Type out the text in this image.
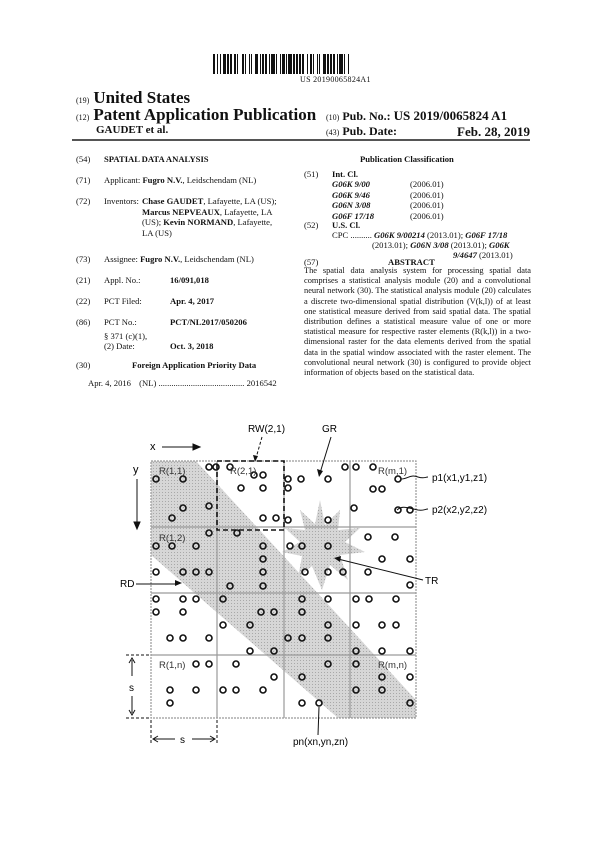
US 20190065824A1
(19) United States
(12) Patent Application Publication
GAUDET et al.
(10) Pub. No.: US 2019/0065824 A1
(43) Pub. Date:	Feb. 28, 2019
(54) SPATIAL DATA ANALYSIS
(71) Applicant: Fugro N.V., Leidschendam (NL)
(72) Inventors: Chase GAUDET, Lafayette, LA (US);
Marcus NEPVEAUX, Lafayette, LA
(US); Kevin NORMAND, Lafayette,
LA (US)
(73) Assignee: Fugro N.V., Leidschendam (NL)
(21) Appl. No.:	16/091,018
(22) PCT Filed:	Apr. 4, 2017
(86) PCT No.:	PCT/NL2017/050206
§ 371 (c)(1),
(2) Date:	Oct. 3, 2018
(30)	Foreign Application Priority Data
Apr. 4, 2016 (NL) ........................................ 2016542
Publication Classification
(51) Int. Cl.
G06K 9/00	(2006.01)
G06K 9/46	(2006.01)
G06N 3/08	(2006.01)
G06F 17/18	(2006.01)
(52) U.S. Cl.
CPC .......... G06K 9/00214 (2013.01); G06F 17/18
(2013.01); G06N 3/08 (2013.01); G06K
9/4647 (2013.01)
(57)	ABSTRACT
The spatial data analysis system for processing spatial data comprises a statistical analysis module (20) and a convolutional neural network (30). The statistical analysis module (20) calculates a discrete two-dimensional spatial distribution (V(k,l)) of at least one statistical measure derived from said spatial data. The spatial distribution defines a statistical measure value of one or more statistical measure for respective raster elements (R(k,l)) in a two-dimensional raster for the data elements derived from the spatial data in the spatial window associated with the raster element. The convolutional neural network (30) is configured to provide object information of objects based on the statistical data.
x
y
RW(2,1)	GR
R(1,1)	R(2,1)	R(m,1)
R(1,2)
R(1,n)	R(m,n)
p1(x1,y1,z1)
p2(x2,y2,z2)
RD	TR
pn(xn,yn,zn)
s
s
